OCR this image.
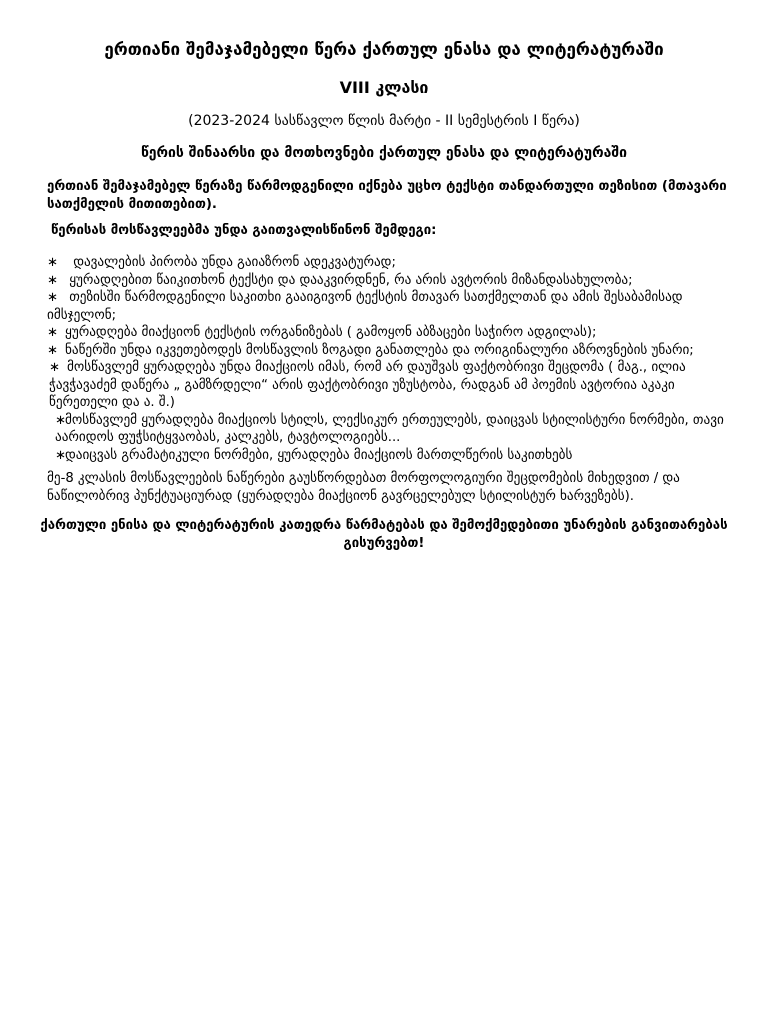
ერთიანი შემაჯამებელი წერა ქართულ ენასა და ლიტერატურაში
VIII კლასი
(2023-2024 სასწავლო წლის მარტი - II სემესტრის I წერა)
წერის შინაარსი და მოთხოვნები ქართულ ენასა და ლიტერატურაში
ერთიან შემაჯამებელ წერაზე წარმოდგენილი იქნება უცხო ტექსტი თანდართული თეზისით (მთავარი სათქმელის მითითებით).
წერისას მოსწავლეებმა უნდა გაითვალისწინონ შემდეგი:

∗ დავალების პირობა უნდა გაიაზრონ ადეკვატურად;

∗ ყურადღებით წაიკითხონ ტექსტი და დააკვირდნენ, რა არის ავტორის მიზანდასახულობა;

∗ თეზისში წარმოდგენილი საკითხი გააიგივონ ტექსტის მთავარ სათქმელთან და ამის შესაბამისად იმსჯელონ;

∗ ყურადღება მიაქციონ ტექსტის ორგანიზებას ( გამოყონ აბზაცები საჭირო ადგილას);

∗ ნაწერში უნდა იკვეთებოდეს მოსწავლის ზოგადი განათლება და ორიგინალური აზროვნების უნარი;

∗ მოსწავლემ ყურადღება უნდა მიაქციოს იმას, რომ არ დაუშვას ფაქტობრივი შეცდომა ( მაგ., ილია ჭავჭავაძემ დაწერა „ გამზრდელი“ არის ფაქტობრივი უზუსტობა, რადგან ამ პოემის ავტორია აკაკი წერეთელი და ა. შ.)

∗მოსწავლემ ყურადღება მიაქციოს სტილს, ლექსიკურ ერთეულებს, დაიცვას სტილისტური ნორმები, თავი აარიდოს ფუჭსიტყვაობას, კალკებს, ტავტოლოგიებს...

∗დაიცვას გრამატიკული ნორმები, ყურადღება მიაქციოს მართლწერის საკითხებს

მე-8 კლასის მოსწავლეების ნაწერები გაუსწორდებათ მორფოლოგიური შეცდომების მიხედვით / და ნაწილობრივ პუნქტუაციურად (ყურადღება მიაქციონ გავრცელებულ სტილისტურ ხარვეზებს).
ქართული ენისა და ლიტერატურის კათედრა წარმატებას და შემოქმედებითი უნარების განვითარებას გისურვებთ!
